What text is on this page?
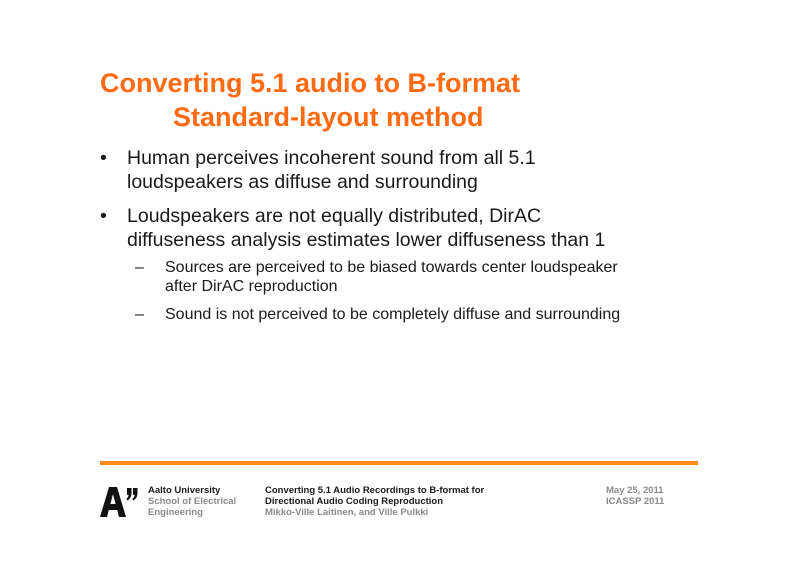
Converting 5.1 audio to B-format
Standard-layout method
• Human perceives incoherent sound from all 5.1
loudspeakers as diffuse and surrounding
• Loudspeakers are not equally distributed, DirAC
diffuseness analysis estimates lower diffuseness than 1
– Sources are perceived to be biased towards center loudspeaker
after DirAC reproduction
– Sound is not perceived to be completely diffuse and surrounding
Aalto University
School of Electrical
Engineering
Converting 5.1 Audio Recordings to B-format for
Directional Audio Coding Reproduction
Mikko-Ville Laitinen, and Ville Pulkki
May 25, 2011
ICASSP 2011
